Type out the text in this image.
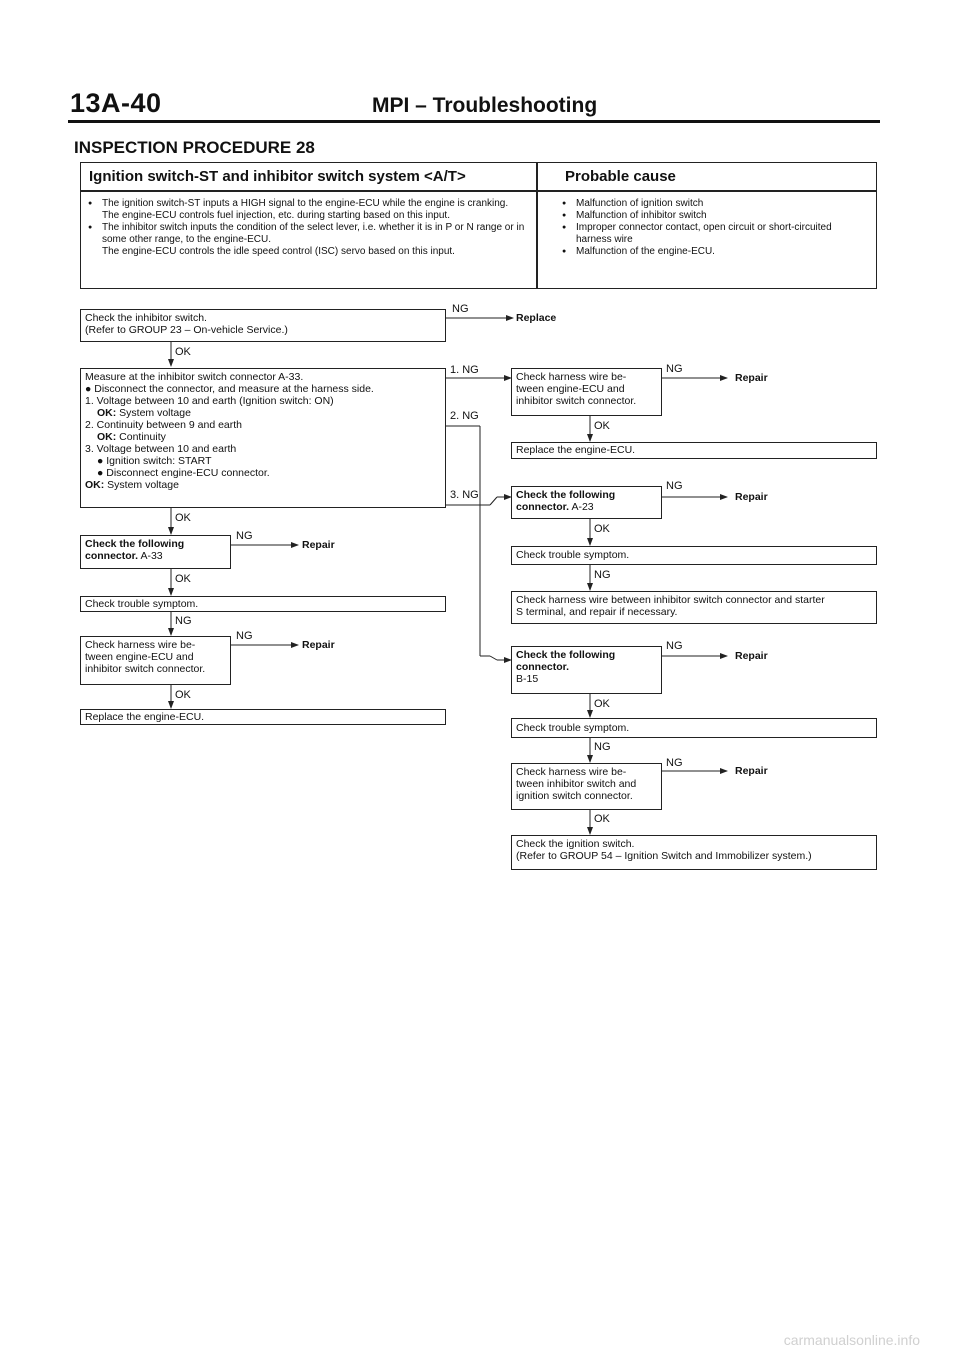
13A-40	MPI – Troubleshooting
INSPECTION PROCEDURE 28
Ignition switch-ST and inhibitor switch system <A/T>	Probable cause
● The ignition switch-ST inputs a HIGH signal to the engine-ECU while the engine is cranking.
The engine-ECU controls fuel injection, etc. during starting based on this input.
● The inhibitor switch inputs the condition of the select lever, i.e. whether it is in P or N range or in some other range, to the engine-ECU.
The engine-ECU controls the idle speed control (ISC) servo based on this input.
● Malfunction of ignition switch
● Malfunction of inhibitor switch
● Improper connector contact, open circuit or short-circuited harness wire
● Malfunction of the engine-ECU.
Check the inhibitor switch.
(Refer to GROUP 23 – On-vehicle Service.)
NG
Replace
OK
Measure at the inhibitor switch connector A-33.
● Disconnect the connector, and measure at the harness side.
1. Voltage between 10 and earth (Ignition switch: ON)
OK: System voltage
2. Continuity between 9 and earth
OK: Continuity
3. Voltage between 10 and earth
● Ignition switch: START
● Disconnect engine-ECU connector.
OK: System voltage
1. NG
2. NG
3. NG
OK
Check the following
connector. A-33
NG
Repair
OK
Check trouble symptom.
NG
Check harness wire be-
tween engine-ECU and
inhibitor switch connector.
NG
Repair
OK
Replace the engine-ECU.
Check harness wire be-
tween engine-ECU and
inhibitor switch connector.
NG
Repair
OK
Replace the engine-ECU.
Check the following
connector. A-23
NG
Repair
OK
Check trouble symptom.
NG
Check harness wire between inhibitor switch connector and starter
S terminal, and repair if necessary.
Check the following
connector.
B-15
NG
Repair
OK
Check trouble symptom.
NG
Check harness wire be-
tween inhibitor switch and
ignition switch connector.
NG
Repair
OK
Check the ignition switch.
(Refer to GROUP 54 – Ignition Switch and Immobilizer system.)
carmanualsonline.info
